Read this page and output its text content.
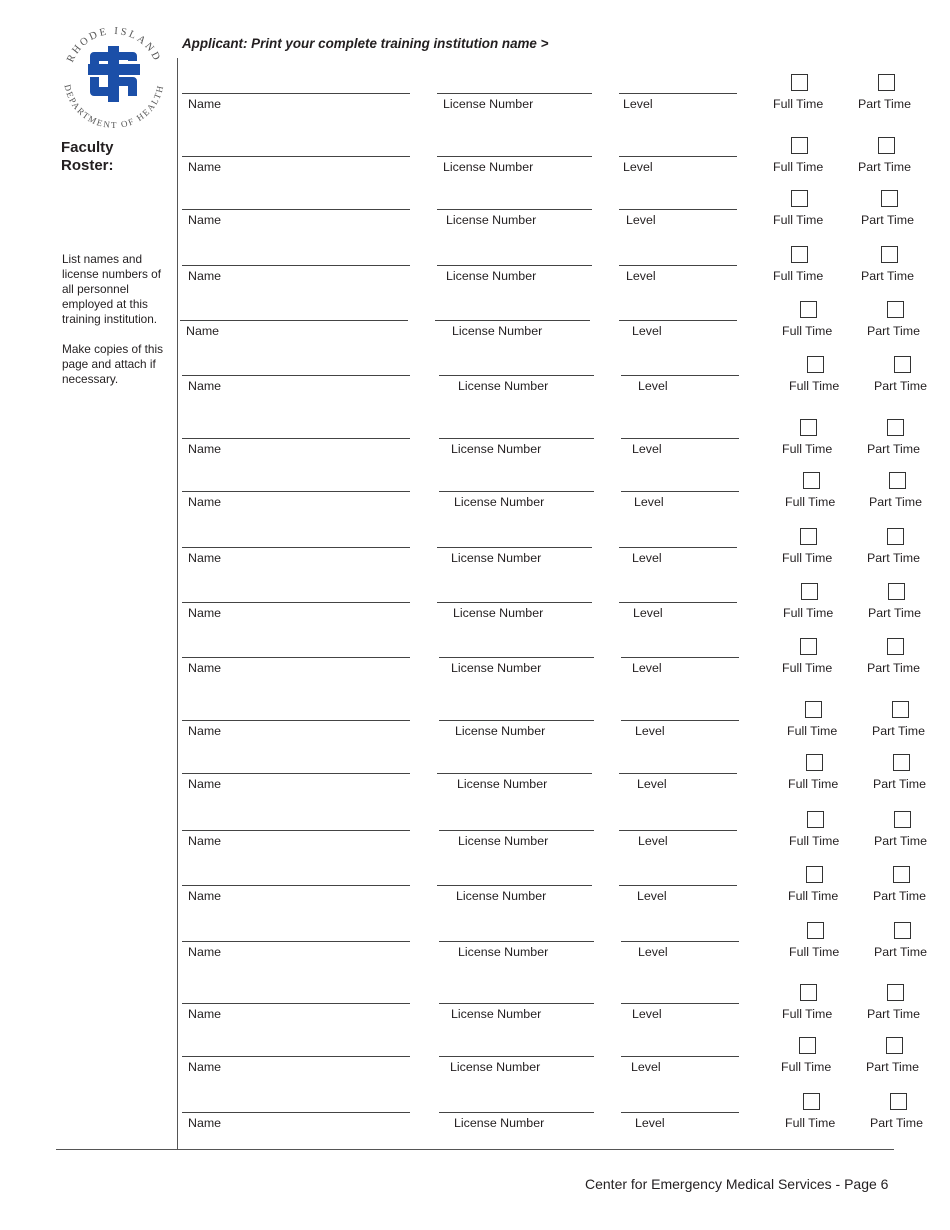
RHODE ISLAND
DEPARTMENT OF HEALTH
Faculty Roster:
List names and license numbers of all personnel employed at this training institution.
Make copies of this page and attach if necessary.
Applicant: Print your complete training institution name >
Name	License Number	Level	Full Time	Part Time
Name	License Number	Level	Full Time	Part Time
Name	License Number	Level	Full Time	Part Time
Name	License Number	Level	Full Time	Part Time
Name	License Number	Level	Full Time	Part Time
Name	License Number	Level	Full Time	Part Time
Name	License Number	Level	Full Time	Part Time
Name	License Number	Level	Full Time	Part Time
Name	License Number	Level	Full Time	Part Time
Name	License Number	Level	Full Time	Part Time
Name	License Number	Level	Full Time	Part Time
Name	License Number	Level	Full Time	Part Time
Name	License Number	Level	Full Time	Part Time
Name	License Number	Level	Full Time	Part Time
Name	License Number	Level	Full Time	Part Time
Name	License Number	Level	Full Time	Part Time
Name	License Number	Level	Full Time	Part Time
Name	License Number	Level	Full Time	Part Time
Name	License Number	Level	Full Time	Part Time
Center for Emergency Medical Services - Page 6
